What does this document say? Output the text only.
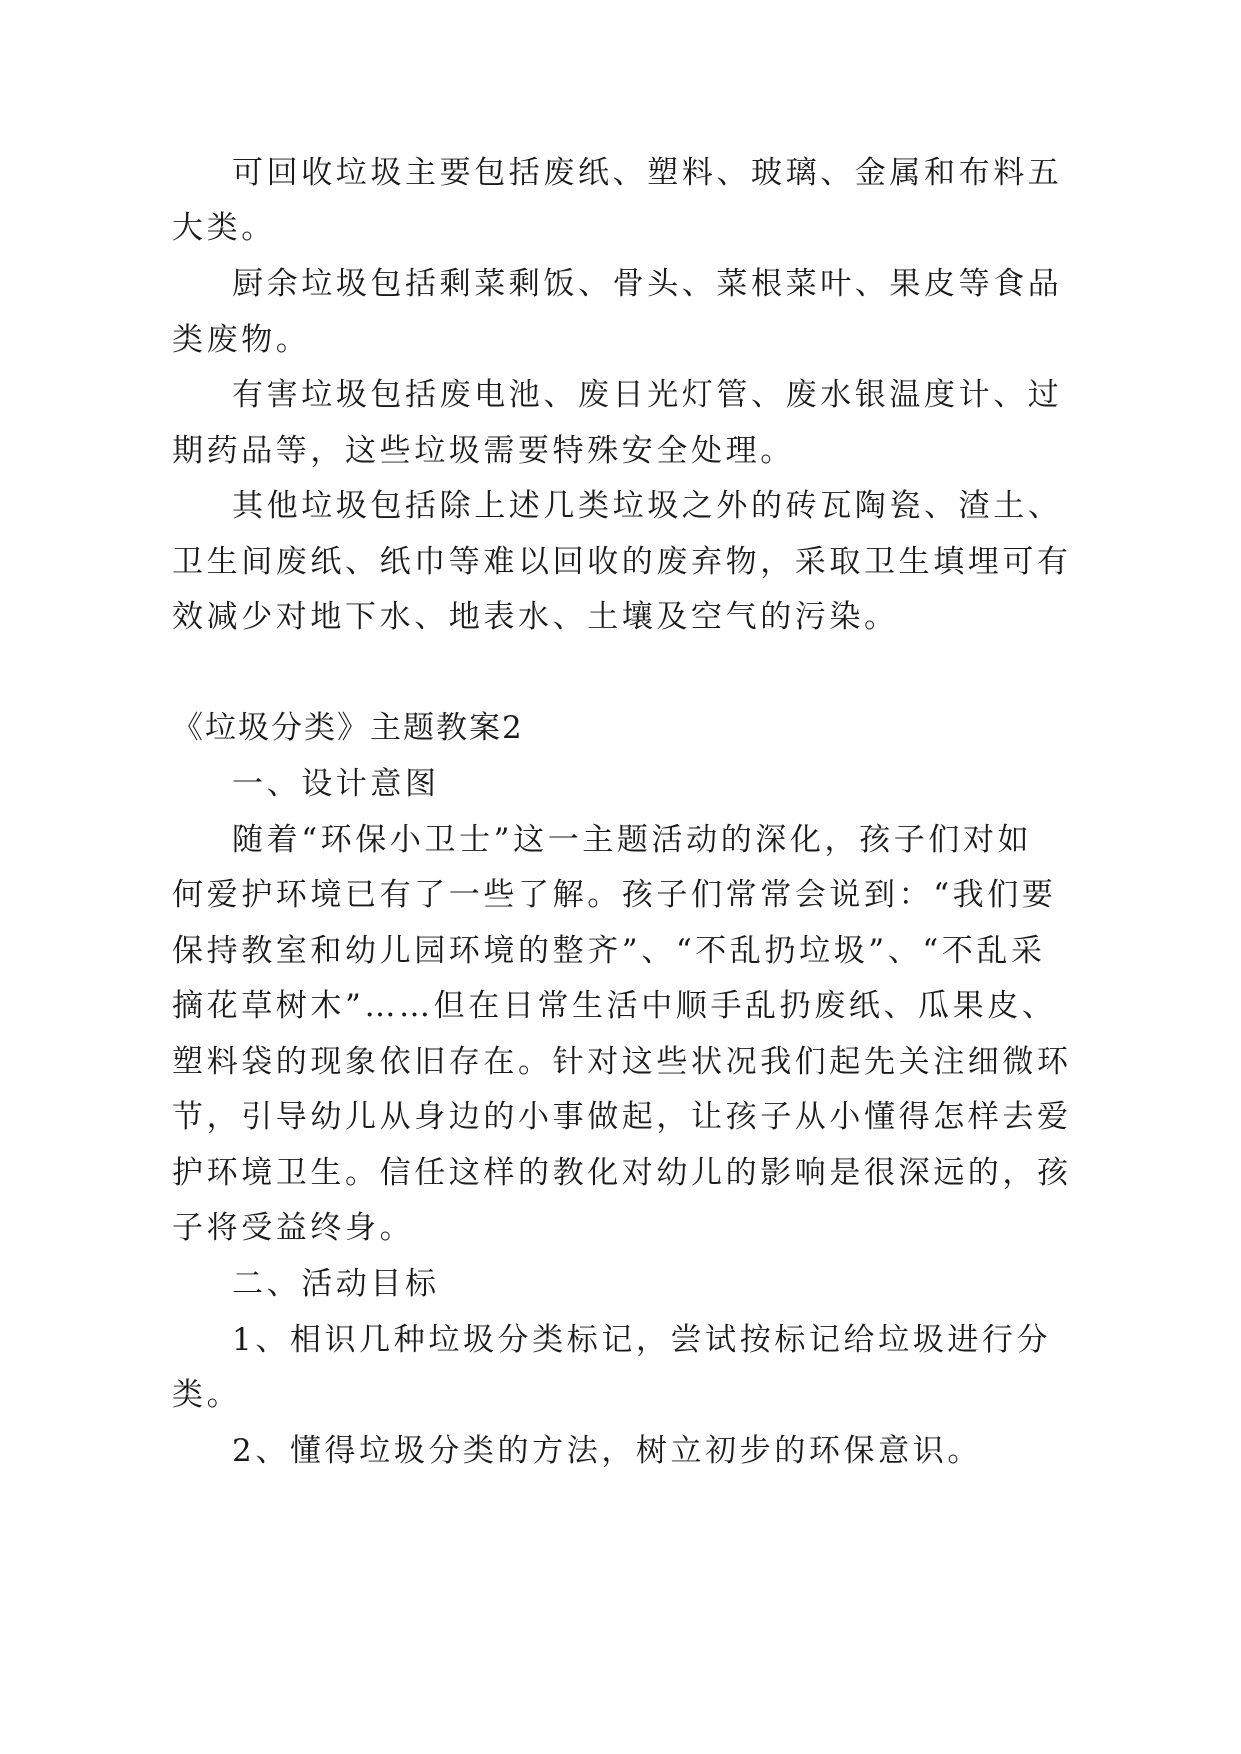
可回收垃圾主要包括废纸、塑料、玻璃、金属和布料五
大类。
厨余垃圾包括剩菜剩饭、骨头、菜根菜叶、果皮等食品
类废物。
有害垃圾包括废电池、废日光灯管、废水银温度计、过
期药品等，这些垃圾需要特殊安全处理。
其他垃圾包括除上述几类垃圾之外的砖瓦陶瓷、渣土、
卫生间废纸、纸巾等难以回收的废弃物，采取卫生填埋可有
效减少对地下水、地表水、土壤及空气的污染。
《垃圾分类》主题教案2
一、设计意图
随着“环保小卫士”这一主题活动的深化，孩子们对如
何爱护环境已有了一些了解。孩子们常常会说到：“我们要
保持教室和幼儿园环境的整齐”、“不乱扔垃圾”、“不乱采
摘花草树木”……但在日常生活中顺手乱扔废纸、瓜果皮、
塑料袋的现象依旧存在。针对这些状况我们起先关注细微环
节，引导幼儿从身边的小事做起，让孩子从小懂得怎样去爱
护环境卫生。信任这样的教化对幼儿的影响是很深远的，孩
子将受益终身。
二、活动目标
1、相识几种垃圾分类标记，尝试按标记给垃圾进行分
类。
2、懂得垃圾分类的方法，树立初步的环保意识。
